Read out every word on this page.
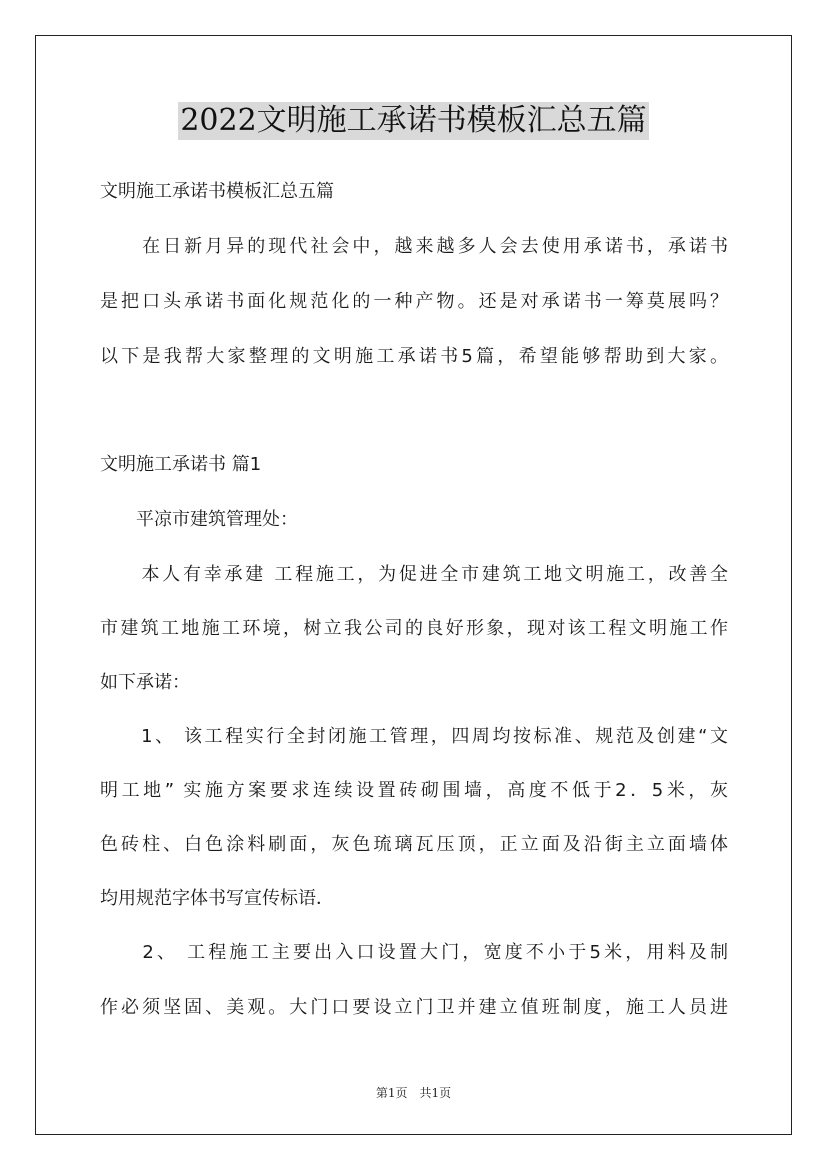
2022文明施工承诺书模板汇总五篇
文明施工承诺书模板汇总五篇
　　在日新月异的现代社会中，越来越多人会去使用承诺书，承诺书
是把口头承诺书面化规范化的一种产物。还是对承诺书一筹莫展吗？
以下是我帮大家整理的文明施工承诺书5篇，希望能够帮助到大家。
文明施工承诺书 篇1
　　平凉市建筑管理处：
　　本人有幸承建 工程施工，为促进全市建筑工地文明施工，改善全
市建筑工地施工环境，树立我公司的良好形象，现对该工程文明施工作
如下承诺：
　　1、 该工程实行全封闭施工管理，四周均按标准、规范及创建“文
明工地” 实施方案要求连续设置砖砌围墙，高度不低于2．5米，灰
色砖柱、白色涂料刷面，灰色琉璃瓦压顶，正立面及沿街主立面墙体
均用规范字体书写宣传标语．
　　2、 工程施工主要出入口设置大门，宽度不小于5米，用料及制
作必须坚固、美观。大门口要设立门卫并建立值班制度，施工人员进
第1页　共1页
